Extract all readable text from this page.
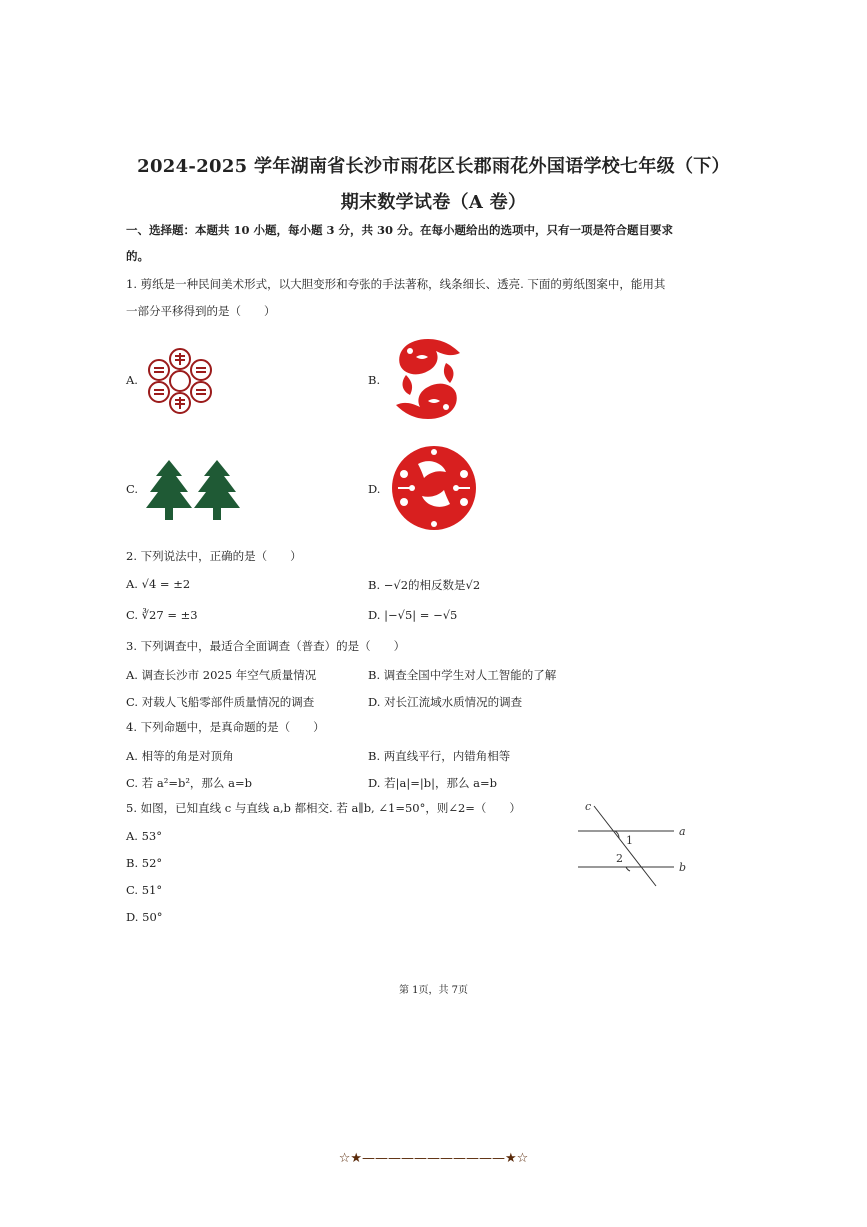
2024-2025 学年湖南省长沙市雨花区长郡雨花外国语学校七年级（下）
期末数学试卷（A 卷）
一、选择题：本题共 10 小题，每小题 3 分，共 30 分。在每小题给出的选项中，只有一项是符合题目要求
的。
1. 剪纸是一种民间美术形式，以大胆变形和夸张的手法著称，线条细长、透亮. 下面的剪纸图案中，能用其
一部分平移得到的是（　　）
A.	B.
C.	D.
2. 下列说法中，正确的是（　　）
A. √4 = ±2	B. −√2的相反数是√2
C. ∛27 = ±3	D. |−√5| = −√5
3. 下列调查中，最适合全面调查（普查）的是（　　）
A. 调查长沙市 2025 年空气质量情况	B. 调查全国中学生对人工智能的了解
C. 对载人飞船零部件质量情况的调查	D. 对长江流域水质情况的调查
4. 下列命题中，是真命题的是（　　）
A. 相等的角是对顶角	B. 两直线平行，内错角相等
C. 若 a²=b²，那么 a=b	D. 若|a|=|b|，那么 a=b
5. 如图，已知直线 c 与直线 a,b 都相交. 若 a∥b, ∠1=50°，则∠2=（　　）
A. 53°
B. 52°
C. 51°
D. 50°
c
a
b
1
2
第 1页，共 7页
☆★———————————★☆
